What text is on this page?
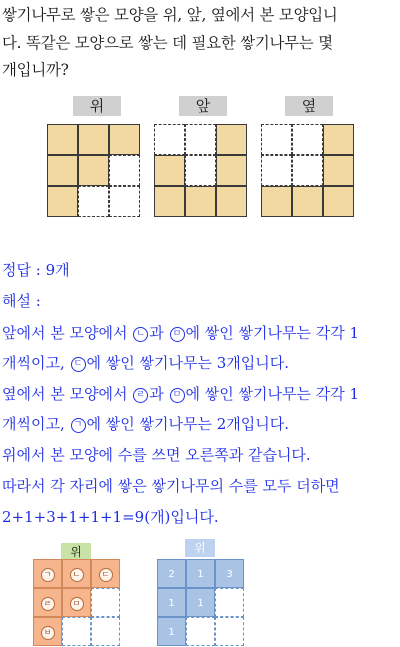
쌓기나무로 쌓은 모양을 위, 앞, 옆에서 본 모양입니
다. 똑같은 모양으로 쌓는 데 필요한 쌓기나무는 몇
개입니까?
위	앞	옆
정답 : 9개
해설 :
앞에서 본 모양에서 ㄴ 과 ㅁ 에 쌓인 쌓기나무는 각각 1
개씩이고, ㄷ 에 쌓인 쌓기나무는 3개입니다.
옆에서 본 모양에서 ㄹ 과 ㅁ 에 쌓인 쌓기나무는 각각 1
개씩이고, ㄱ 에 쌓인 쌓기나무는 2개입니다.
위에서 본 모양에 수를 쓰면 오른쪽과 같습니다.
따라서 각 자리에 쌓은 쌓기나무의 수를 모두 더하면
2+1+3+1+1+1=9(개)입니다.
위	위
ㄱ	ㄴ	ㄷ
ㄹ	ㅁ
ㅂ
2	1	3
1	1
1
